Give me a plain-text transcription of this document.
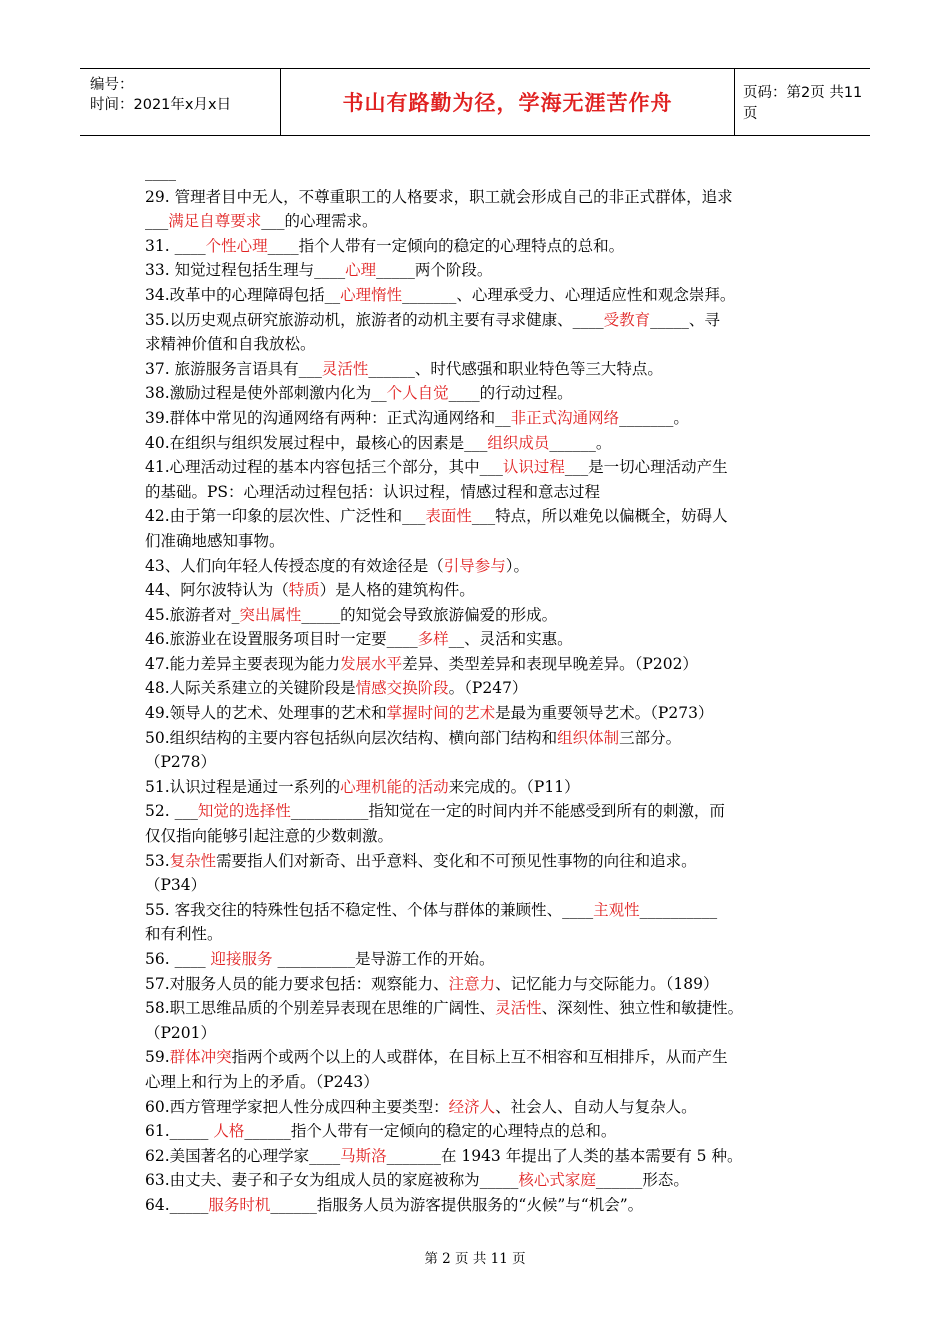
编号：
时间：2021年x月x日	书山有路勤为径，学海无涯苦作舟	页码：第2页 共11页

____

29. 管理者目中无人，不尊重职工的人格要求，职工就会形成自己的非正式群体，追求

___满足自尊要求___的心理需求。

31. ____个性心理____指个人带有一定倾向的稳定的心理特点的总和。

33. 知觉过程包括生理与____心理_____两个阶段。

34.改革中的心理障碍包括__心理惰性_______、心理承受力、心理适应性和观念崇拜。

35.以历史观点研究旅游动机，旅游者的动机主要有寻求健康、____受教育_____、寻

求精神价值和自我放松。

37. 旅游服务言语具有___灵活性______、时代感强和职业特色等三大特点。

38.激励过程是使外部刺激内化为__个人自觉____的行动过程。

39.群体中常见的沟通网络有两种：正式沟通网络和__非正式沟通网络_______。

40.在组织与组织发展过程中，最核心的因素是___组织成员______。

41.心理活动过程的基本内容包括三个部分，其中___认识过程___是一切心理活动产生

的基础。PS：心理活动过程包括：认识过程，情感过程和意志过程

42.由于第一印象的层次性、广泛性和___表面性___特点，所以难免以偏概全，妨碍人

们准确地感知事物。

43、人们向年轻人传授态度的有效途径是（引导参与）。

44、阿尔波特认为（特质）是人格的建筑构件。

45.旅游者对_突出属性_____的知觉会导致旅游偏爱的形成。

46.旅游业在设置服务项目时一定要____多样__、灵活和实惠。

47.能力差异主要表现为能力发展水平差异、类型差异和表现早晚差异。（P202）

48.人际关系建立的关键阶段是情感交换阶段。（P247）

49.领导人的艺术、处理事的艺术和掌握时间的艺术是最为重要领导艺术。（P273）

50.组织结构的主要内容包括纵向层次结构、横向部门结构和组织体制三部分。

（P278）

51.认识过程是通过一系列的心理机能的活动来完成的。（P11）

52. ___知觉的选择性__________指知觉在一定的时间内并不能感受到所有的刺激，而

仅仅指向能够引起注意的少数刺激。

53.复杂性需要指人们对新奇、出乎意料、变化和不可预见性事物的向往和追求。

（P34）

55. 客我交往的特殊性包括不稳定性、个体与群体的兼顾性、____主观性__________

和有利性。

56. ____ 迎接服务 __________是导游工作的开始。

57.对服务人员的能力要求包括：观察能力、注意力、记忆能力与交际能力。（189）

58.职工思维品质的个别差异表现在思维的广阔性、灵活性、深刻性、独立性和敏捷性。

（P201）

59.群体冲突指两个或两个以上的人或群体，在目标上互不相容和互相排斥，从而产生

心理上和行为上的矛盾。（P243）

60.西方管理学家把人性分成四种主要类型：经济人、社会人、自动人与复杂人。

61._____ 人格______指个人带有一定倾向的稳定的心理特点的总和。

62.美国著名的心理学家____马斯洛_______在 1943 年提出了人类的基本需要有 5 种。

63.由丈夫、妻子和子女为组成人员的家庭被称为_____核心式家庭______形态。

64._____服务时机______指服务人员为游客提供服务的“火候”与“机会”。

第 2 页 共 11 页
